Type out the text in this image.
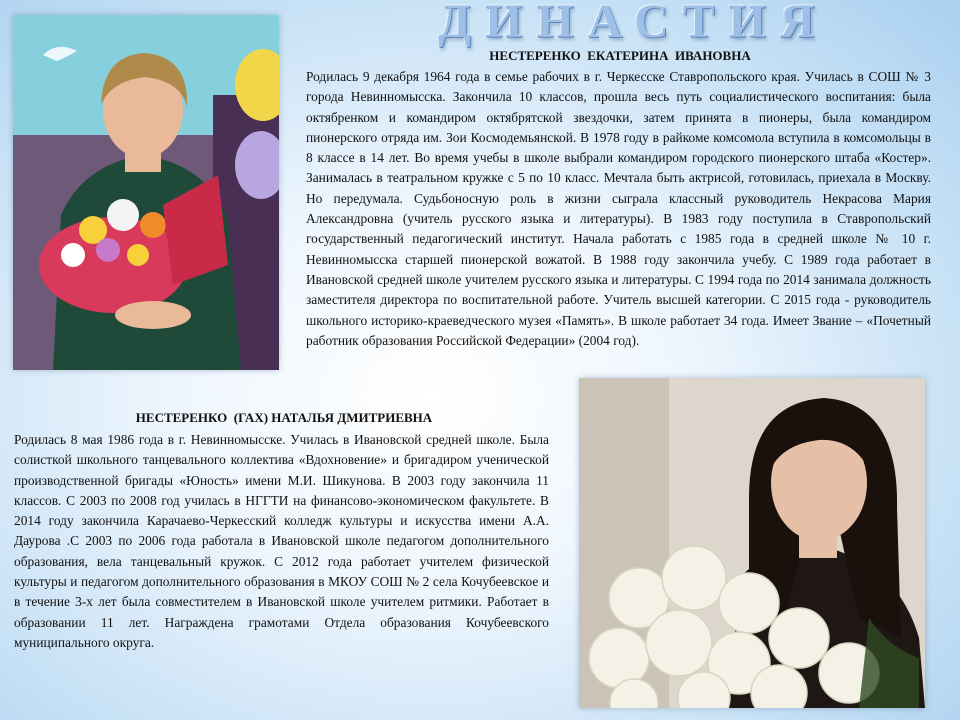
ДИНАСТИЯ
НЕСТЕРЕНКО  ЕКАТЕРИНА  ИВАНОВНА

Родилась 9 декабря 1964 года в семье рабочих в г. Черкесске Ставропольского края. Училась в СОШ № 3 города Невинномысска. Закончила 10 классов, прошла весь путь социалистического воспитания: была октябренком и командиром октябрятской звездочки, затем принята в пионеры, была командиром пионерского отряда им. Зои Космодемьянской. В 1978 году в райкоме комсомола вступила в комсомольцы в 8 классе в 14 лет. Во время учебы в школе выбрали командиром городского пионерского штаба «Костер». Занималась в театральном кружке с 5 по 10 класс. Мечтала быть актрисой, готовилась, приехала в Москву. Но передумала. Судьбоносную роль в жизни сыграла классный руководитель Некрасова Мария Александровна (учитель русского языка и литературы). В 1983 году поступила в Ставропольский государственный педагогический институт. Начала работать с 1985 года в средней школе № 10 г. Невинномысска старшей пионерской вожатой. В 1988 году закончила учебу. С 1989 года работает в Ивановской средней школе учителем русского языка и литературы. С 1994 года по 2014 занимала должность заместителя директора по воспитательной работе. Учитель высшей категории. С 2015 года - руководитель школьного историко-краеведческого музея «Память». В школе работает 34 года. Имеет Звание – «Почетный работник образования Российской Федерации» (2004 год).

НЕСТЕРЕНКО  (ГАХ) НАТАЛЬЯ ДМИТРИЕВНА

Родилась 8 мая 1986 года в г. Невинномысске. Училась в Ивановской средней школе. Была солисткой школьного танцевального коллектива «Вдохновение» и бригадиром ученической производственной бригады «Юность» имени М.И. Шикунова. В 2003 году закончила 11 классов. С 2003 по 2008 год училась в НГГТИ на финансово-экономическом факультете. В 2014 году закончила Карачаево-Черкесский колледж культуры и искусства имени А.А. Даурова .С 2003 по 2006 года работала в Ивановской школе педагогом дополнительного образования, вела танцевальный кружок. С 2012 года работает учителем физической культуры и педагогом дополнительного образования в МКОУ СОШ № 2 села Кочубеевское и в течение 3-х лет была совместителем в Ивановской школе учителем ритмики. Работает в образовании 11 лет. Награждена грамотами Отдела образования Кочубеевского муниципального округа.
